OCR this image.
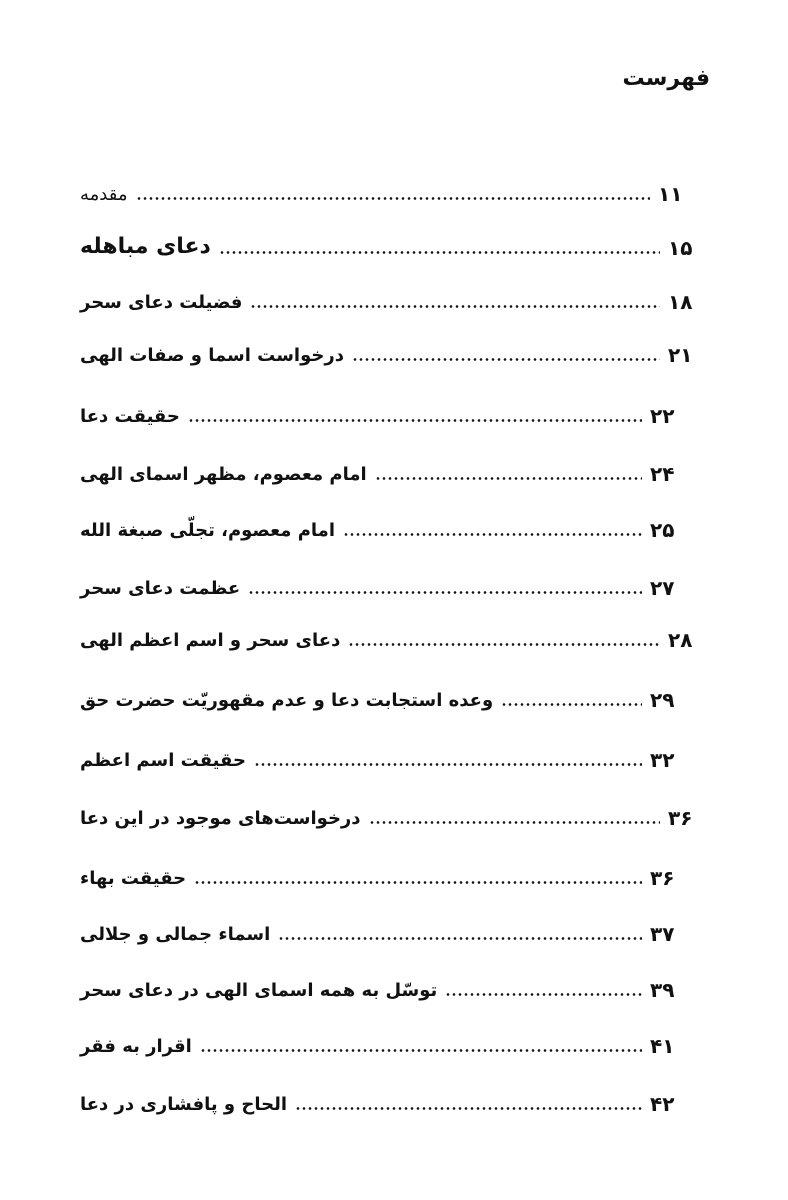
فهرست
مقدمه	۱۱
دعای مباهله	۱۵
فضیلت دعای سحر	۱۸
درخواست اسما و صفات الهی	۲۱
حقیقت دعا	۲۲
امام معصوم، مظهر اسمای الهی	۲۴
امام معصوم، تجلّی صبغة الله	۲۵
عظمت دعای سحر	۲۷
دعای سحر و اسم اعظم الهی	۲۸
وعده استجابت دعا و عدم مقهوریّت حضرت حق	۲۹
حقیقت اسم اعظم	۳۲
درخواست‌های موجود در این دعا	۳۶
حقیقت بهاء	۳۶
اسماء جمالی و جلالی	۳۷
توسّل به همه اسمای الهی در دعای سحر	۳۹
اقرار به فقر	۴۱
الحاح و پافشاری در دعا	۴۲
